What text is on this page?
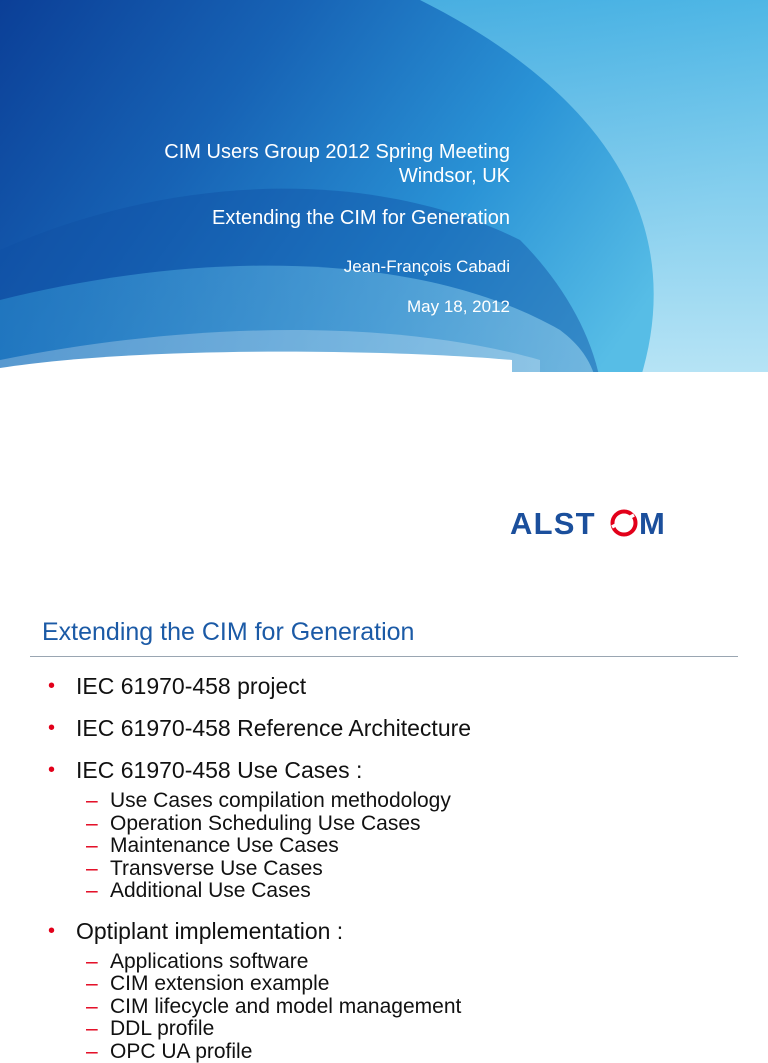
CIM Users Group 2012 Spring Meeting
Windsor, UK
Extending the CIM for Generation
Jean-François Cabadi
May 18, 2012
ALST M
Extending the CIM for Generation
• IEC 61970-458 project
• IEC 61970-458 Reference Architecture
• IEC 61970-458 Use Cases :
– Use Cases compilation methodology
– Operation Scheduling Use Cases
– Maintenance Use Cases
– Transverse Use Cases
– Additional Use Cases
• Optiplant implementation :
– Applications software
– CIM extension example
– CIM lifecycle and model management
– DDL profile
– OPC UA profile
